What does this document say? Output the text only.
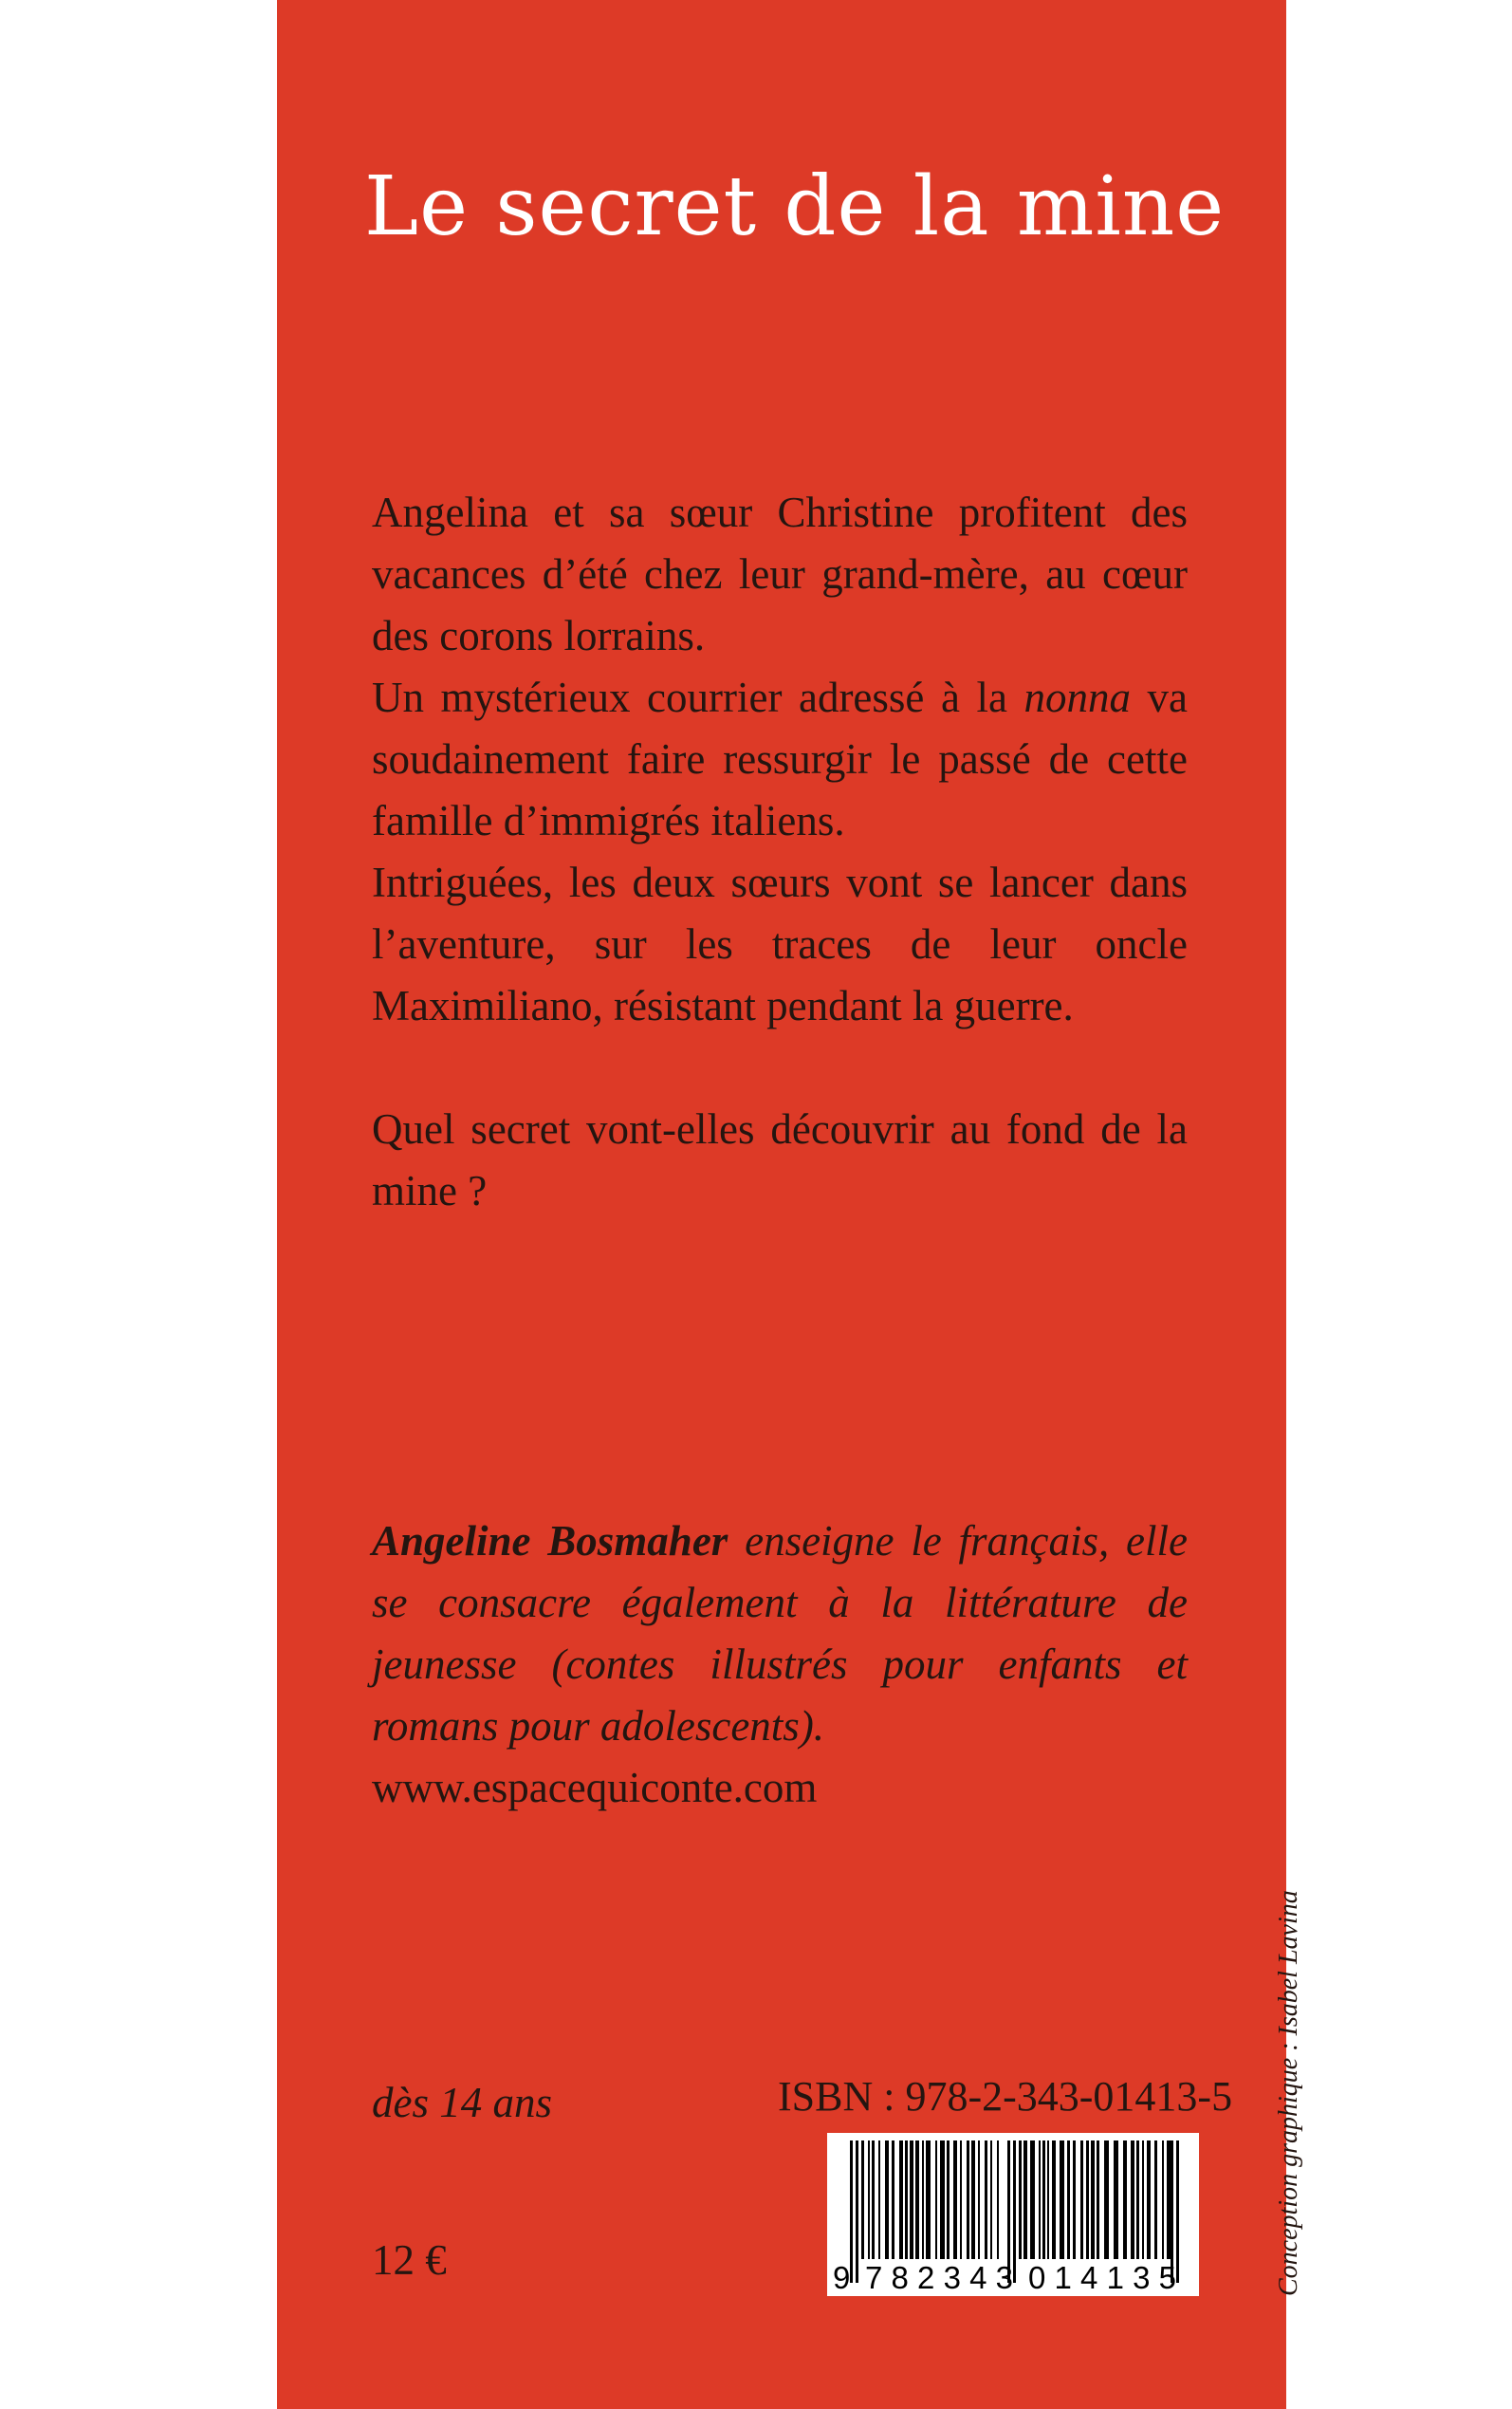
Le secret de la mine

Angelina et sa sœur Christine profitent des vacances d’été chez leur grand-mère, au cœur des corons lorrains.

Un mystérieux courrier adressé à la nonna va soudainement faire ressurgir le passé de cette famille d’immigrés italiens.

Intriguées, les deux sœurs vont se lancer dans l’aventure, sur les traces de leur oncle Maximiliano, résistant pendant la guerre.

Quel secret vont-elles découvrir au fond de la mine ?

Angeline Bosmaher enseigne le français, elle se consacre également à la littérature de jeunesse (contes illustrés pour enfants et romans pour adolescents).

www.espacequiconte.com

dès 14 ans	ISBN : 978-2-343-01413-5
9 7 8 2 3 4 3 0 1 4 1 3 5
12 €	Conception graphique : Isabel Lavina
